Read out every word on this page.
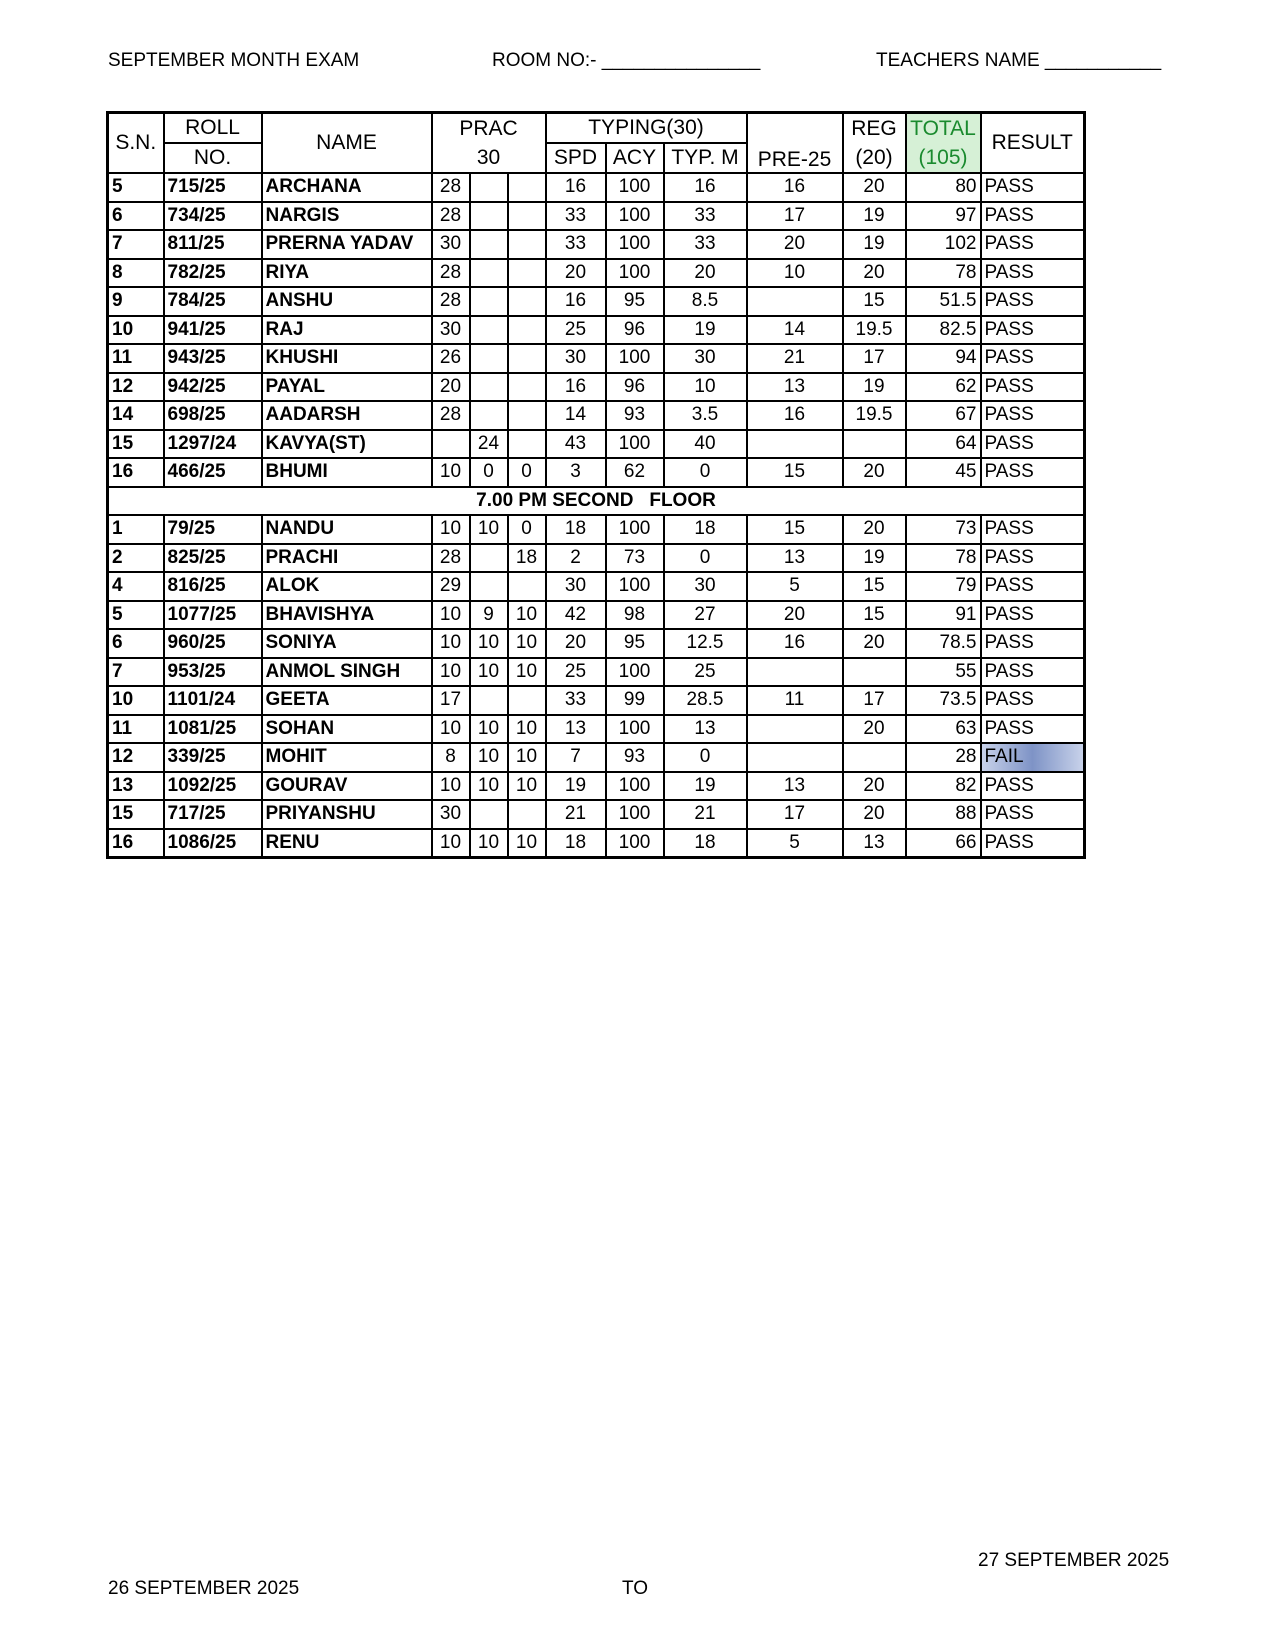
SEPTEMBER MONTH EXAM	ROOM NO:- _______________	TEACHERS NAME ___________
S.N.	ROLL	NAME	PRAC			TYPING(30)			PRE-25	REG	TOTAL	RESULT
	NO.		30			SPD	ACY	TYP. M		(20)	(105)	
5	715/25	ARCHANA	28			16	100	16	16	20	80	PASS
6	734/25	NARGIS	28			33	100	33	17	19	97	PASS
7	811/25	PRERNA YADAV	30			33	100	33	20	19	102	PASS
8	782/25	RIYA	28			20	100	20	10	20	78	PASS
9	784/25	ANSHU	28			16	95	8.5		15	51.5	PASS
10	941/25	RAJ	30			25	96	19	14	19.5	82.5	PASS
11	943/25	KHUSHI	26			30	100	30	21	17	94	PASS
12	942/25	PAYAL	20			16	96	10	13	19	62	PASS
14	698/25	AADARSH	28			14	93	3.5	16	19.5	67	PASS
15	1297/24	KAVYA(ST)		24		43	100	40			64	PASS
16	466/25	BHUMI	10	0	0	3	62	0	15	20	45	PASS
7.00 PM SECOND   FLOOR												
1	79/25	NANDU	10	10	0	18	100	18	15	20	73	PASS
2	825/25	PRACHI	28		18	2	73	0	13	19	78	PASS
4	816/25	ALOK	29			30	100	30	5	15	79	PASS
5	1077/25	BHAVISHYA	10	9	10	42	98	27	20	15	91	PASS
6	960/25	SONIYA	10	10	10	20	95	12.5	16	20	78.5	PASS
7	953/25	ANMOL SINGH	10	10	10	25	100	25			55	PASS
10	1101/24	GEETA	17			33	99	28.5	11	17	73.5	PASS
11	1081/25	SOHAN	10	10	10	13	100	13		20	63	PASS
12	339/25	MOHIT	8	10	10	7	93	0			28	FAIL
13	1092/25	GOURAV	10	10	10	19	100	19	13	20	82	PASS
15	717/25	PRIYANSHU	30			21	100	21	17	20	88	PASS
16	1086/25	RENU	10	10	10	18	100	18	5	13	66	PASS
26 SEPTEMBER 2025	TO
27 SEPTEMBER 2025
